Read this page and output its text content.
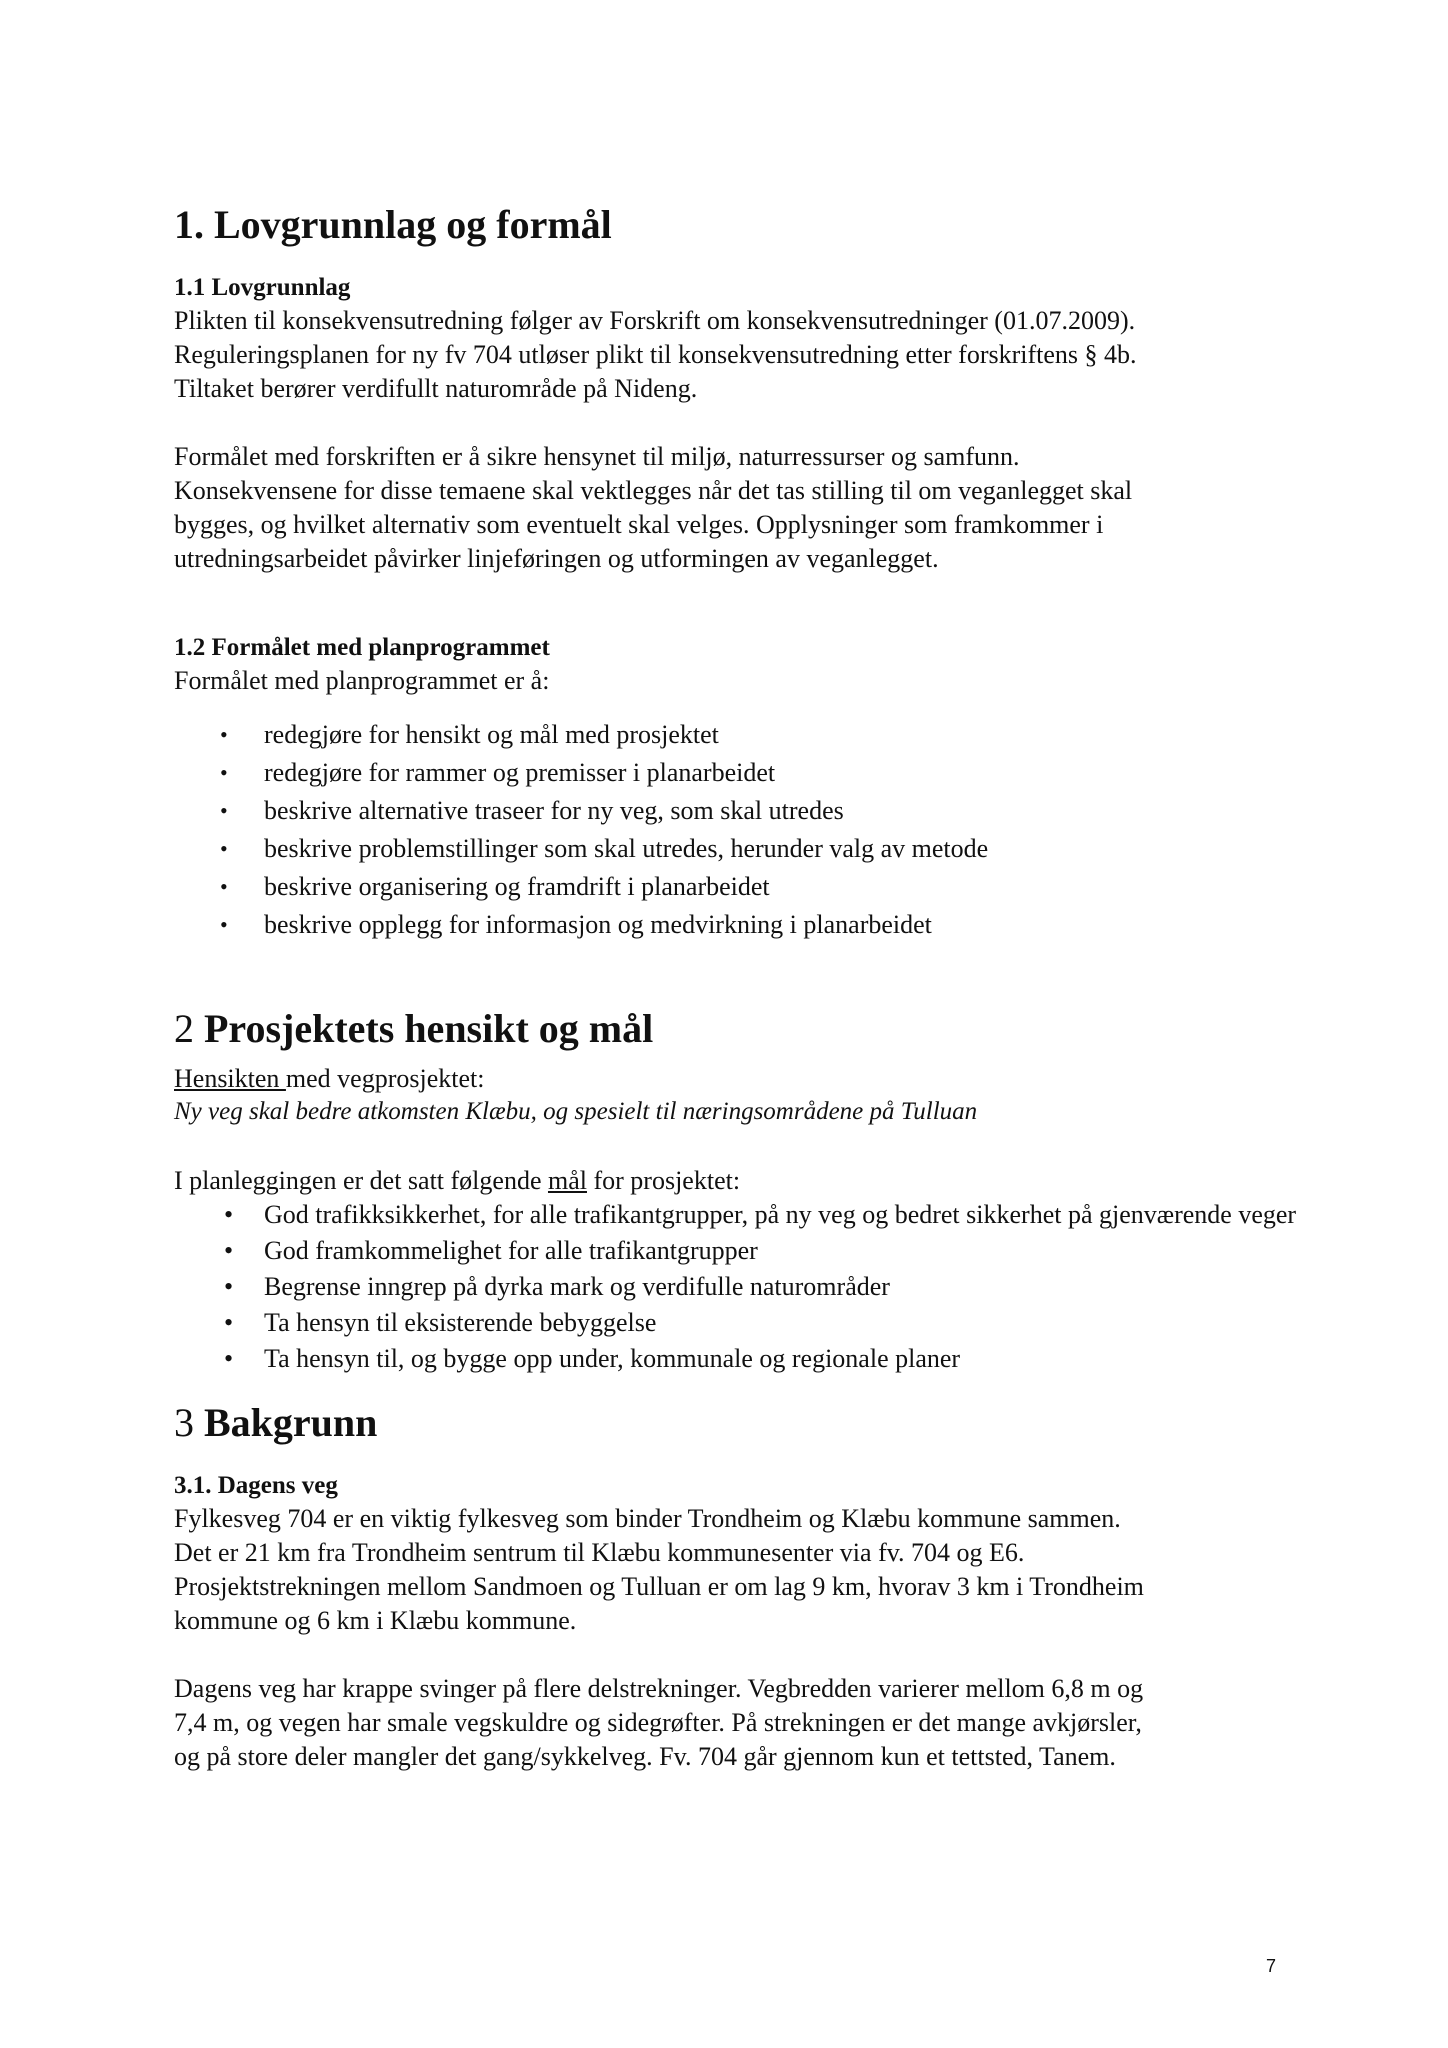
1. Lovgrunnlag og formål
1.1 Lovgrunnlag

Plikten til konsekvensutredning følger av Forskrift om konsekvensutredninger (01.07.2009).

Reguleringsplanen for ny fv 704 utløser plikt til konsekvensutredning etter forskriftens § 4b.

Tiltaket berører verdifullt naturområde på Nideng.

Formålet med forskriften er å sikre hensynet til miljø, naturressurser og samfunn.

Konsekvensene for disse temaene skal vektlegges når det tas stilling til om veganlegget skal

bygges, og hvilket alternativ som eventuelt skal velges. Opplysninger som framkommer i

utredningsarbeidet påvirker linjeføringen og utformingen av veganlegget.

1.2 Formålet med planprogrammet

Formålet med planprogrammet er å:

• redegjøre for hensikt og mål med prosjektet
• redegjøre for rammer og premisser i planarbeidet
• beskrive alternative traseer for ny veg, som skal utredes
• beskrive problemstillinger som skal utredes, herunder valg av metode
• beskrive organisering og framdrift i planarbeidet
• beskrive opplegg for informasjon og medvirkning i planarbeidet
2 Prosjektets hensikt og mål

Hensikten med vegprosjektet:

Ny veg skal bedre atkomsten Klæbu, og spesielt til næringsområdene på Tulluan

I planleggingen er det satt følgende mål for prosjektet:

• God trafikksikkerhet, for alle trafikantgrupper, på ny veg og bedret sikkerhet på gjenværende veger
• God framkommelighet for alle trafikantgrupper
• Begrense inngrep på dyrka mark og verdifulle naturområder
• Ta hensyn til eksisterende bebyggelse
• Ta hensyn til, og bygge opp under, kommunale og regionale planer
3 Bakgrunn
3.1. Dagens veg

Fylkesveg 704 er en viktig fylkesveg som binder Trondheim og Klæbu kommune sammen.

Det er 21 km fra Trondheim sentrum til Klæbu kommunesenter via fv. 704 og E6.

Prosjektstrekningen mellom Sandmoen og Tulluan er om lag 9 km, hvorav 3 km i Trondheim

kommune og 6 km i Klæbu kommune.

Dagens veg har krappe svinger på flere delstrekninger. Vegbredden varierer mellom 6,8 m og

7,4 m, og vegen har smale vegskuldre og sidegrøfter. På strekningen er det mange avkjørsler,

og på store deler mangler det gang/sykkelveg. Fv. 704 går gjennom kun et tettsted, Tanem.

7
